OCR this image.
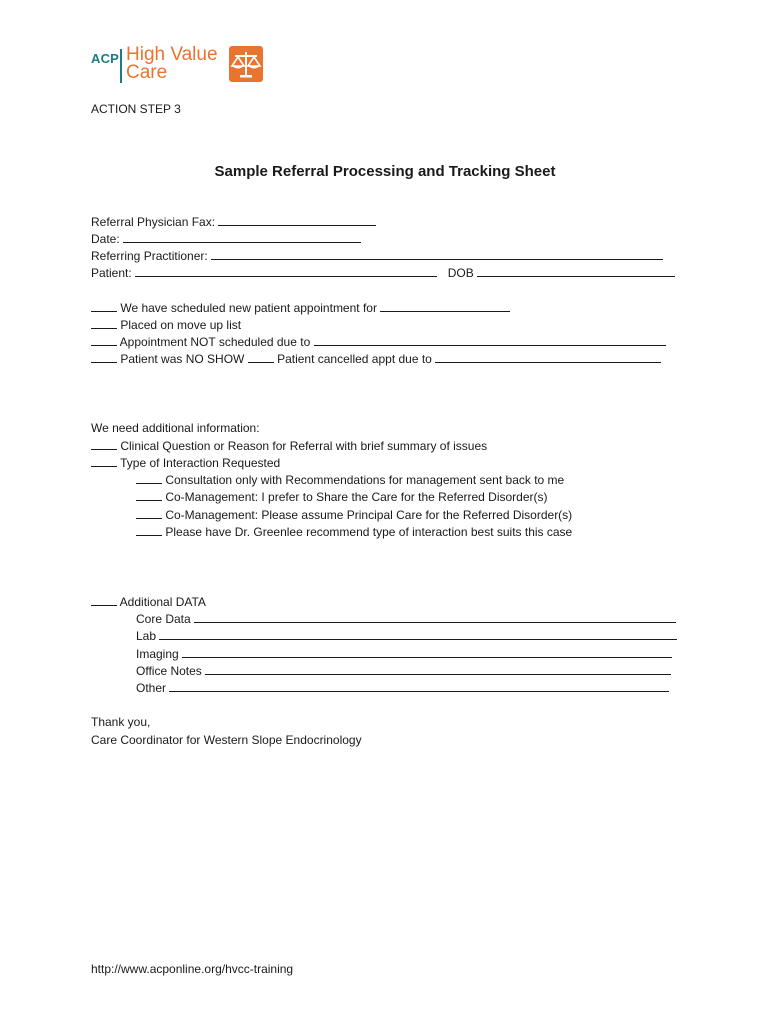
ACP High Value
Care
ACTION STEP 3
Sample Referral Processing and Tracking Sheet
Referral Physician Fax:
Date:
Referring Practitioner:
Patient:	DOB
We have scheduled new patient appointment for
Placed on move up list
Appointment NOT scheduled due to
Patient was NO SHOW	Patient cancelled appt due to
We need additional information:
Clinical Question or Reason for Referral with brief summary of issues
Type of Interaction Requested
Consultation only with Recommendations for management sent back to me
Co-Management: I prefer to Share the Care for the Referred Disorder(s)
Co-Management: Please assume Principal Care for the Referred Disorder(s)
Please have Dr. Greenlee recommend type of interaction best suits this case
Additional DATA
Core Data
Lab
Imaging
Office Notes
Other
Thank you,
Care Coordinator for Western Slope Endocrinology
http://www.acponline.org/hvcc-training
